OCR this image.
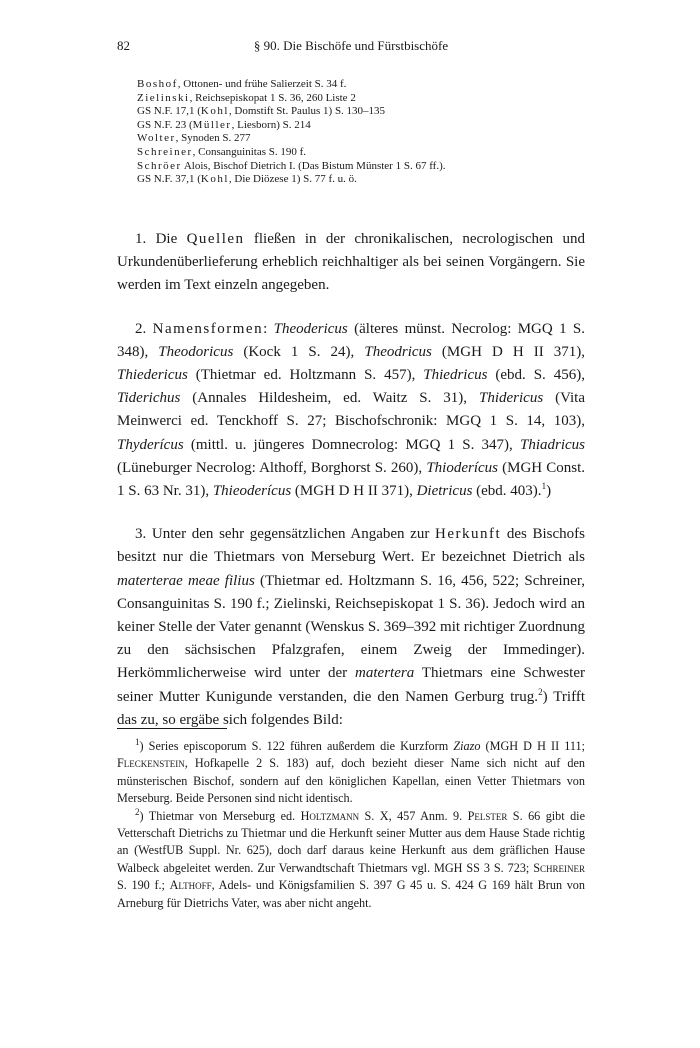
82	§ 90. Die Bischöfe und Fürstbischöfe
Boshof, Ottonen- und frühe Salierzeit S. 34 f.
Zielinski, Reichsepiskopat 1 S. 36, 260 Liste 2
GS N.F. 17,1 (Kohl, Domstift St. Paulus 1) S. 130–135
GS N.F. 23 (Müller, Liesborn) S. 214
Wolter, Synoden S. 277
Schreiner, Consanguinitas S. 190 f.
Schröer Alois, Bischof Dietrich I. (Das Bistum Münster 1 S. 67 ff.).
GS N.F. 37,1 (Kohl, Die Diözese 1) S. 77 f. u. ö.
1. Die Quellen fließen in der chronikalischen, necrologischen und Urkundenüberlieferung erheblich reichhaltiger als bei seinen Vorgängern. Sie werden im Text einzeln angegeben.
2. Namensformen: Theodericus (älteres münst. Necrolog: MGQ 1 S. 348), Theodoricus (Kock 1 S. 24), Theodricus (MGH D H II 371), Thiedericus (Thietmar ed. Holtzmann S. 457), Thiedricus (ebd. S. 456), Tiderichus (Annales Hildesheim, ed. Waitz S. 31), Thidericus (Vita Meinwerci ed. Tenckhoff S. 27; Bischofschronik: MGQ 1 S. 14, 103), Thyderícus (mittl. u. jüngeres Domnecrolog: MGQ 1 S. 347), Thiadricus (Lüneburger Necrolog: Althoff, Borghorst S. 260), Thioderícus (MGH Const. 1 S. 63 Nr. 31), Thieoderícus (MGH D H II 371), Dietricus (ebd. 403).$^1$)
3. Unter den sehr gegensätzlichen Angaben zur Herkunft des Bischofs besitzt nur die Thietmars von Merseburg Wert. Er bezeichnet Dietrich als materterae meae filius (Thietmar ed. Holtzmann S. 16, 456, 522; Schreiner, Consanguinitas S. 190 f.; Zielinski, Reichsepiskopat 1 S. 36). Jedoch wird an keiner Stelle der Vater genannt (Wenskus S. 369–392 mit richtiger Zuordnung zu den sächsischen Pfalzgrafen, einem Zweig der Immedinger). Herkömmlicherweise wird unter der matertera Thietmars eine Schwester seiner Mutter Kunigunde verstanden, die den Namen Gerburg trug.$^2$) Trifft das zu, so ergäbe sich folgendes Bild:
$^1$) Series episcoporum S. 122 führen außerdem die Kurzform Ziazo (MGH D H II 111; Fleckenstein, Hofkapelle 2 S. 183) auf, doch bezieht dieser Name sich nicht auf den münsterischen Bischof, sondern auf den königlichen Kapellan, einen Vetter Thietmars von Merseburg. Beide Personen sind nicht identisch.
$^2$) Thietmar von Merseburg ed. Holtzmann S. X, 457 Anm. 9. Pelster S. 66 gibt die Vetterschaft Dietrichs zu Thietmar und die Herkunft seiner Mutter aus dem Hause Stade richtig an (WestfUB Suppl. Nr. 625), doch darf daraus keine Herkunft aus dem gräflichen Hause Walbeck abgeleitet werden. Zur Verwandtschaft Thietmars vgl. MGH SS 3 S. 723; Schreiner S. 190 f.; Althoff, Adels- und Königsfamilien S. 397 G 45 u. S. 424 G 169 hält Brun von Arneburg für Dietrichs Vater, was aber nicht angeht.
